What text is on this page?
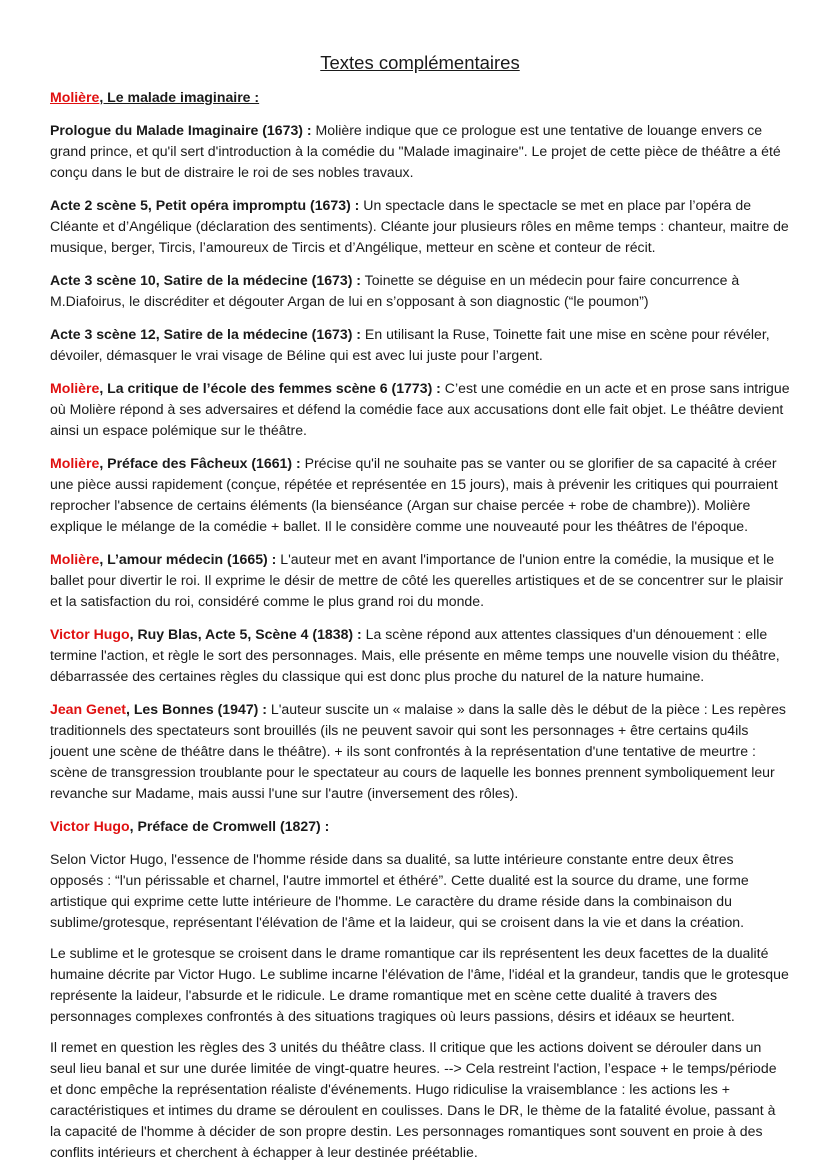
Textes complémentaires
Molière, Le malade imaginaire :
Prologue du Malade Imaginaire (1673) : Molière indique que ce prologue est une tentative de louange envers ce grand prince, et qu'il sert d'introduction à la comédie du "Malade imaginaire". Le projet de cette pièce de théâtre a été conçu dans le but de distraire le roi de ses nobles travaux.
Acte 2 scène 5, Petit opéra impromptu (1673) : Un spectacle dans le spectacle se met en place par l’opéra de Cléante et d’Angélique (déclaration des sentiments). Cléante jour plusieurs rôles en même temps : chanteur, maitre de musique, berger, Tircis, l’amoureux de Tircis et d’Angélique, metteur en scène et conteur de récit.
Acte 3 scène 10, Satire de la médecine (1673) : Toinette se déguise en un médecin pour faire concurrence à M.Diafoirus, le discréditer et dégouter Argan de lui en s’opposant à son diagnostic (“le poumon”)
Acte 3 scène 12, Satire de la médecine (1673) : En utilisant la Ruse, Toinette fait une mise en scène pour révéler, dévoiler, démasquer le vrai visage de Béline qui est avec lui juste pour l’argent.
Molière, La critique de l’école des femmes scène 6 (1773) : C’est une comédie en un acte et en prose sans intrigue où Molière répond à ses adversaires et défend la comédie face aux accusations dont elle fait objet. Le théâtre devient ainsi un espace polémique sur le théâtre.
Molière, Préface des Fâcheux (1661) : Précise qu'il ne souhaite pas se vanter ou se glorifier de sa capacité à créer une pièce aussi rapidement (conçue, répétée et représentée en 15 jours), mais à prévenir les critiques qui pourraient reprocher l'absence de certains éléments (la bienséance (Argan sur chaise percée + robe de chambre)). Molière explique le mélange de la comédie + ballet. Il le considère comme une nouveauté pour les théâtres de l'époque.
Molière, L’amour médecin (1665) : L'auteur met en avant l'importance de l'union entre la comédie, la musique et le ballet pour divertir le roi. Il exprime le désir de mettre de côté les querelles artistiques et de se concentrer sur le plaisir et la satisfaction du roi, considéré comme le plus grand roi du monde.
Victor Hugo, Ruy Blas, Acte 5, Scène 4 (1838) : La scène répond aux attentes classiques d'un dénouement : elle termine l'action, et règle le sort des personnages. Mais, elle présente en même temps une nouvelle vision du théâtre, débarrassée des certaines règles du classique qui est donc plus proche du naturel de la nature humaine.
Jean Genet, Les Bonnes (1947) : L'auteur suscite un « malaise » dans la salle dès le début de la pièce : Les repères traditionnels des spectateurs sont brouillés (ils ne peuvent savoir qui sont les personnages + être certains qu4ils jouent une scène de théâtre dans le théâtre). + ils sont confrontés à la représentation d'une tentative de meurtre : scène de transgression troublante pour le spectateur au cours de laquelle les bonnes prennent symboliquement leur revanche sur Madame, mais aussi l'une sur l'autre (inversement des rôles).
Victor Hugo, Préface de Cromwell (1827) :
Selon Victor Hugo, l'essence de l'homme réside dans sa dualité, sa lutte intérieure constante entre deux êtres opposés : “l'un périssable et charnel, l'autre immortel et éthéré”. Cette dualité est la source du drame, une forme artistique qui exprime cette lutte intérieure de l'homme. Le caractère du drame réside dans la combinaison du sublime/grotesque, représentant l'élévation de l'âme et la laideur, qui se croisent dans la vie et dans la création.
Le sublime et le grotesque se croisent dans le drame romantique car ils représentent les deux facettes de la dualité humaine décrite par Victor Hugo. Le sublime incarne l'élévation de l'âme, l'idéal et la grandeur, tandis que le grotesque représente la laideur, l'absurde et le ridicule. Le drame romantique met en scène cette dualité à travers des personnages complexes confrontés à des situations tragiques où leurs passions, désirs et idéaux se heurtent.
Il remet en question les règles des 3 unités du théâtre class. Il critique que les actions doivent se dérouler dans un seul lieu banal et sur une durée limitée de vingt-quatre heures. --> Cela restreint l'action, l’espace + le temps/période et donc empêche la représentation réaliste d'événements. Hugo ridiculise la vraisemblance : les actions les + caractéristiques et intimes du drame se déroulent en coulisses. Dans le DR, le thème de la fatalité évolue, passant à la capacité de l'homme à décider de son propre destin. Les personnages romantiques sont souvent en proie à des conflits intérieurs et cherchent à échapper à leur destinée préétablie.
